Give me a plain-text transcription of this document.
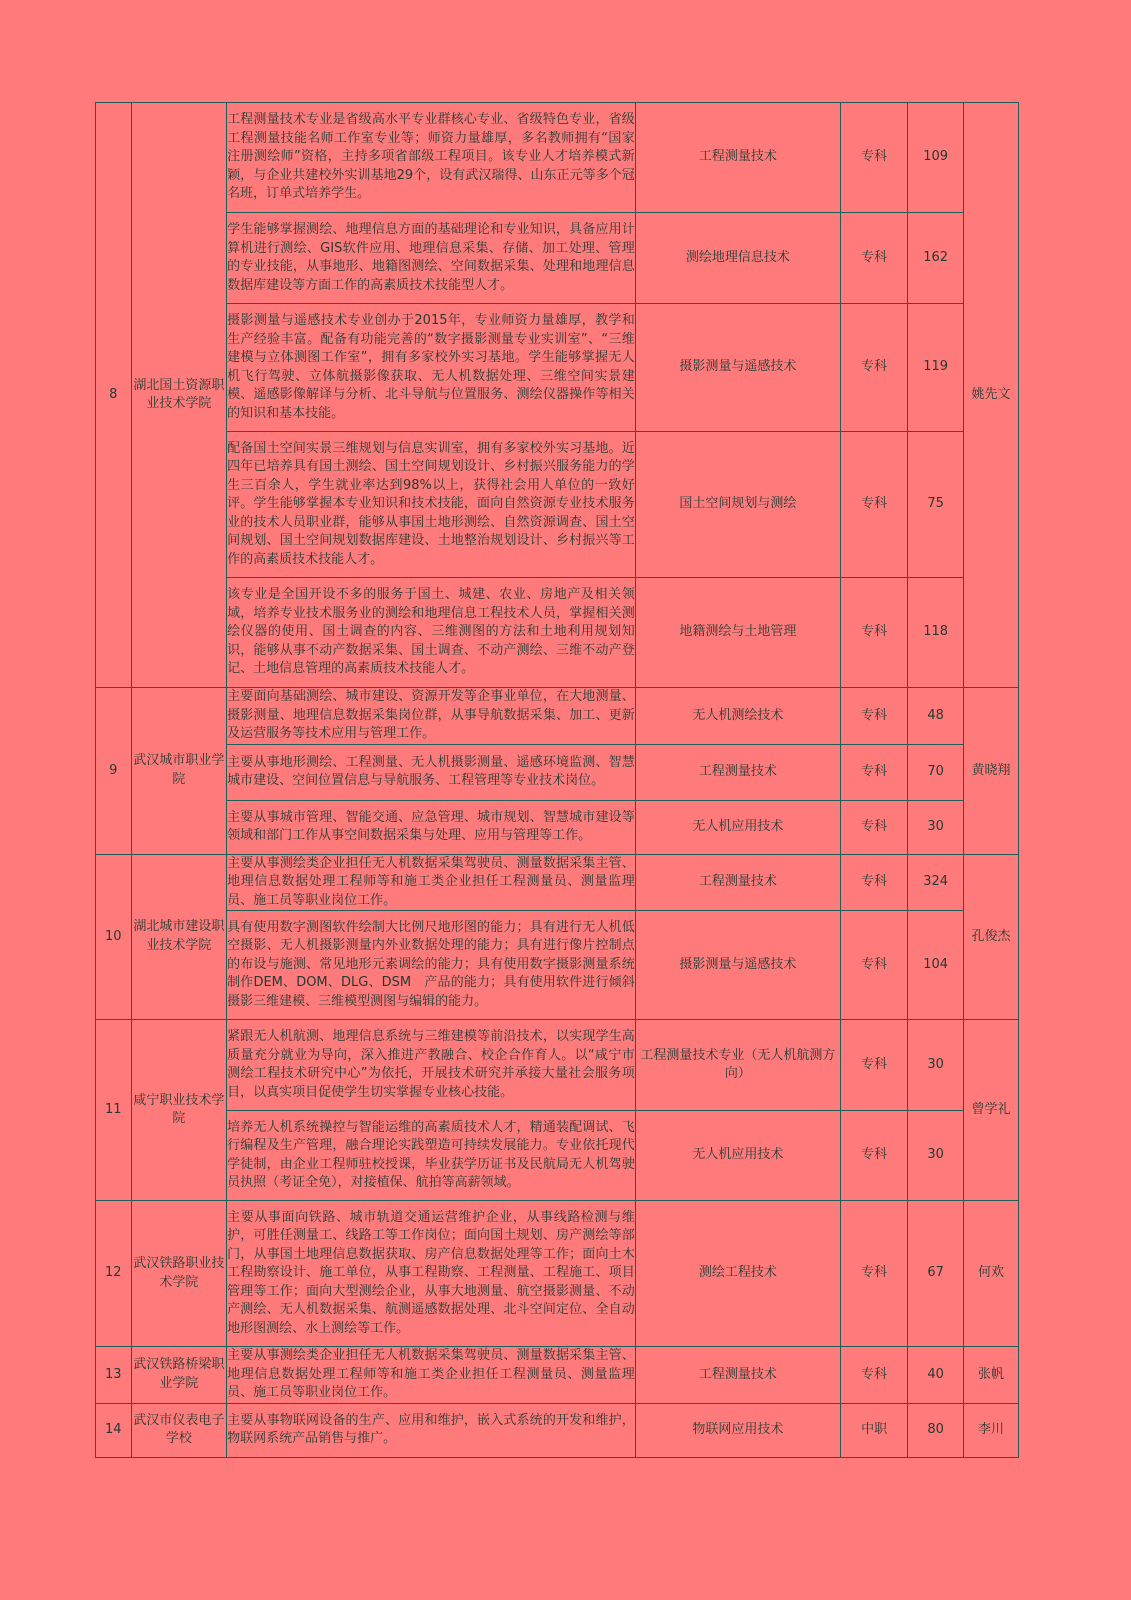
8	湖北国土资源职业技术学院	工程测量技术专业是省级高水平专业群核心专业、省级特色专业，省级工程测量技能名师工作室专业等；师资力量雄厚，多名教师拥有“国家注册测绘师”资格，主持多项省部级工程项目。该专业人才培养模式新颖，与企业共建校外实训基地29个，设有武汉瑞得、山东正元等多个冠名班，订单式培养学生。	工程测量技术	专科	109	姚先文

		学生能够掌握测绘、地理信息方面的基础理论和专业知识，具备应用计算机进行测绘、GIS软件应用、地理信息采集、存储、加工处理、管理的专业技能，从事地形、地籍图测绘、空间数据采集、处理和地理信息数据库建设等方面工作的高素质技术技能型人才。	测绘地理信息技术	专科	162	

		摄影测量与遥感技术专业创办于2015年，专业师资力量雄厚，教学和生产经验丰富。配备有功能完善的“数字摄影测量专业实训室”、“三维建模与立体测图工作室”，拥有多家校外实习基地。学生能够掌握无人机飞行驾驶、立体航摄影像获取、无人机数据处理、三维空间实景建模、遥感影像解译与分析、北斗导航与位置服务、测绘仪器操作等相关的知识和基本技能。	摄影测量与遥感技术	专科	119	

		配备国土空间实景三维规划与信息实训室，拥有多家校外实习基地。近四年已培养具有国土测绘、国土空间规划设计、乡村振兴服务能力的学生三百余人，学生就业率达到98%以上，获得社会用人单位的一致好评。学生能够掌握本专业知识和技术技能，面向自然资源专业技术服务业的技术人员职业群，能够从事国土地形测绘、自然资源调查、国土空间规划、国土空间规划数据库建设、土地整治规划设计、乡村振兴等工作的高素质技术技能人才。	国土空间规划与测绘	专科	75	

		该专业是全国开设不多的服务于国土、城建、农业、房地产及相关领域，培养专业技术服务业的测绘和地理信息工程技术人员，掌握相关测绘仪器的使用、国土调查的内容、三维测图的方法和土地利用规划知识，能够从事不动产数据采集、国土调查、不动产测绘、三维不动产登记、土地信息管理的高素质技术技能人才。	地籍测绘与土地管理	专科	118	
9	武汉城市职业学院	主要面向基础测绘、城市建设、资源开发等企事业单位，在大地测量、摄影测量、地理信息数据采集岗位群，从事导航数据采集、加工、更新及运营服务等技术应用与管理工作。	无人机测绘技术	专科	48	黄晓翔

		主要从事地形测绘、工程测量、无人机摄影测量、遥感环境监测、智慧城市建设、空间位置信息与导航服务、工程管理等专业技术岗位。	工程测量技术	专科	70	

		主要从事城市管理、智能交通、应急管理、城市规划、智慧城市建设等领域和部门工作从事空间数据采集与处理、应用与管理等工作。	无人机应用技术	专科	30	
10	湖北城市建设职业技术学院	主要从事测绘类企业担任无人机数据采集驾驶员、测量数据采集主管、地理信息数据处理工程师等和施工类企业担任工程测量员、测量监理员、施工员等职业岗位工作。	工程测量技术	专科	324	孔俊杰

		具有使用数字测图软件绘制大比例尺地形图的能力；具有进行无人机低空摄影、无人机摄影测量内外业数据处理的能力；具有进行像片控制点的布设与施测、常见地形元素调绘的能力；具有使用数字摄影测量系统制作DEM、DOM、DLG、DSM　产品的能力；具有使用软件进行倾斜摄影三维建模、三维模型测图与编辑的能力。	摄影测量与遥感技术	专科	104	
11	咸宁职业技术学院	紧跟无人机航测、地理信息系统与三维建模等前沿技术，以实现学生高质量充分就业为导向，深入推进产教融合、校企合作育人。以“咸宁市测绘工程技术研究中心”为依托，开展技术研究并承接大量社会服务项目，以真实项目促使学生切实掌握专业核心技能。	工程测量技术专业（无人机航测方向）	专科	30	曾学礼

		培养无人机系统操控与智能运维的高素质技术人才，精通装配调试、飞行编程及生产管理，融合理论实践塑造可持续发展能力。专业依托现代学徒制，由企业工程师驻校授课，毕业获学历证书及民航局无人机驾驶员执照（考证全免），对接植保、航拍等高薪领域。	无人机应用技术	专科	30	
12	武汉铁路职业技术学院	主要从事面向铁路、城市轨道交通运营维护企业，从事线路检测与维护，可胜任测量工、线路工等工作岗位；面向国土规划、房产测绘等部门，从事国土地理信息数据获取、房产信息数据处理等工作；面向土木工程勘察设计、施工单位，从事工程勘察、工程测量、工程施工、项目管理等工作；面向大型测绘企业，从事大地测量、航空摄影测量、不动产测绘、无人机数据采集、航测遥感数据处理、北斗空间定位、全自动地形图测绘、水上测绘等工作。	测绘工程技术	专科	67	何欢
13	武汉铁路桥梁职业学院	主要从事测绘类企业担任无人机数据采集驾驶员、测量数据采集主管、地理信息数据处理工程师等和施工类企业担任工程测量员、测量监理员、施工员等职业岗位工作。	工程测量技术	专科	40	张帆
14	武汉市仪表电子学校	主要从事物联网设备的生产、应用和维护，嵌入式系统的开发和维护，物联网系统产品销售与推广。	物联网应用技术	中职	80	李川
